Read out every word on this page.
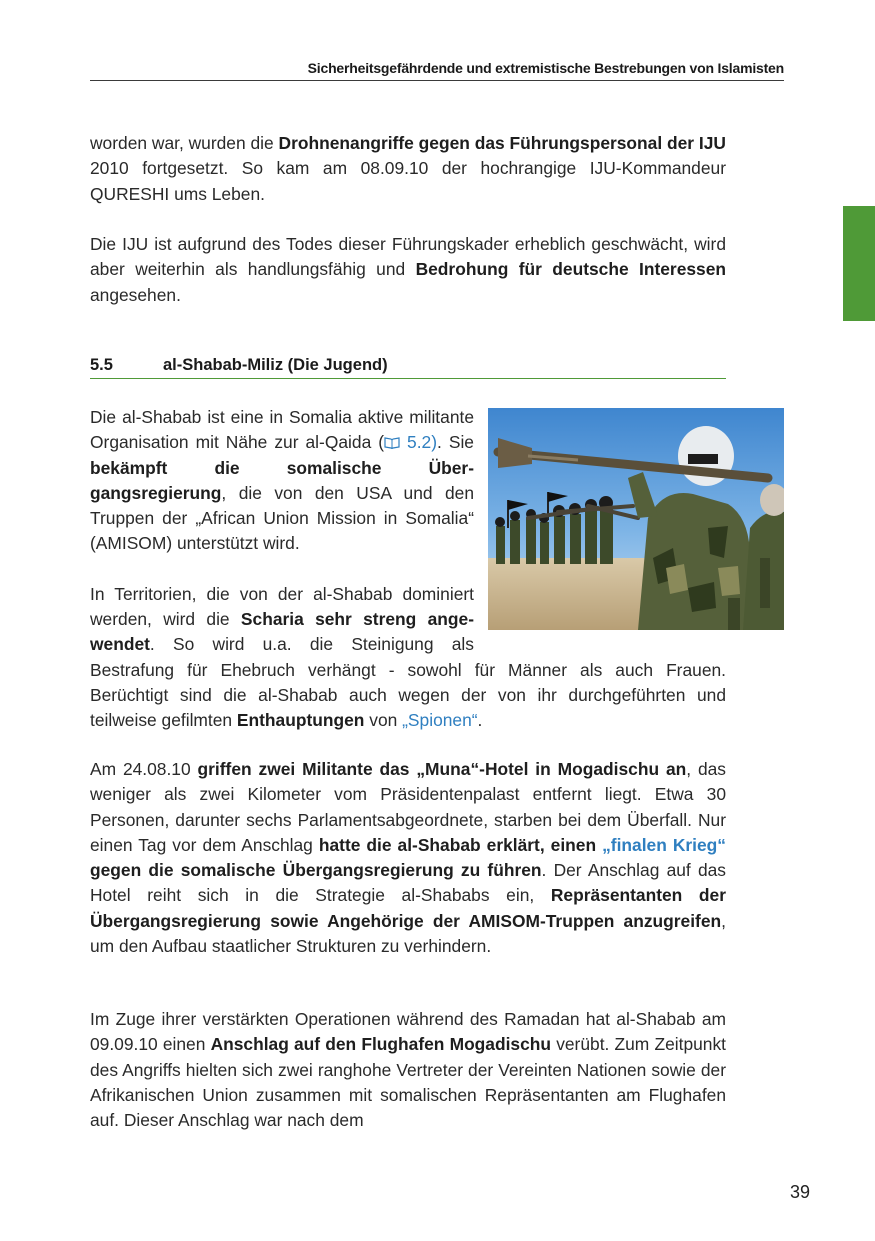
Sicherheitsgefährdende und extremistische Bestrebungen von Islamisten

worden war, wurden die Drohnenangriffe gegen das Führungspersonal der IJU 2010 fortgesetzt. So kam am 08.09.10 der hochrangige IJU-Kommandeur QURESHI ums Leben.

Die IJU ist aufgrund des Todes dieser Führungskader erheblich geschwächt, wird aber weiterhin als handlungsfähig und Bedrohung für deutsche Interessen angesehen.

5.5	al-Shabab-Miliz (Die Jugend)
Die al-Shabab ist eine in Somalia aktive militante Organisation mit Nähe zur al-Qaida ( 5.2). Sie bekämpft die somalische Übergangsregierung, die von den USA und den Truppen der „African Union Mission in Somalia“ (AMISOM) unterstützt wird.
In Territorien, die von der al-Shabab dominiert werden, wird die Scharia sehr streng angewendet. So wird u.a. die Steinigung als Bestrafung für Ehebruch verhängt - sowohl für Männer als auch Frauen. Berüchtigt sind die al-Shabab auch wegen der von ihr durchgeführten und teilweise gefilmten Enthauptungen von „Spionen“.

Am 24.08.10 griffen zwei Militante das „Muna“-Hotel in Mogadischu an, das weniger als zwei Kilometer vom Präsidentenpalast entfernt liegt. Etwa 30 Personen, darunter sechs Parlamentsabgeordnete, starben bei dem Überfall. Nur einen Tag vor dem Anschlag hatte die al-Shabab erklärt, einen „finalen Krieg“ gegen die somalische Übergangsregierung zu führen. Der Anschlag auf das Hotel reiht sich in die Strategie al-Shababs ein, Repräsentanten der Übergangsregierung sowie Angehörige der AMISOM-Truppen anzugreifen, um den Aufbau staatlicher Strukturen zu verhindern.

Im Zuge ihrer verstärkten Operationen während des Ramadan hat al-Shabab am 09.09.10 einen Anschlag auf den Flughafen Mogadischu verübt. Zum Zeitpunkt des Angriffs hielten sich zwei ranghohe Vertreter der Vereinten Nationen sowie der Afrikanischen Union zusammen mit somalischen Repräsentanten am Flughafen auf. Dieser Anschlag war nach dem

39
